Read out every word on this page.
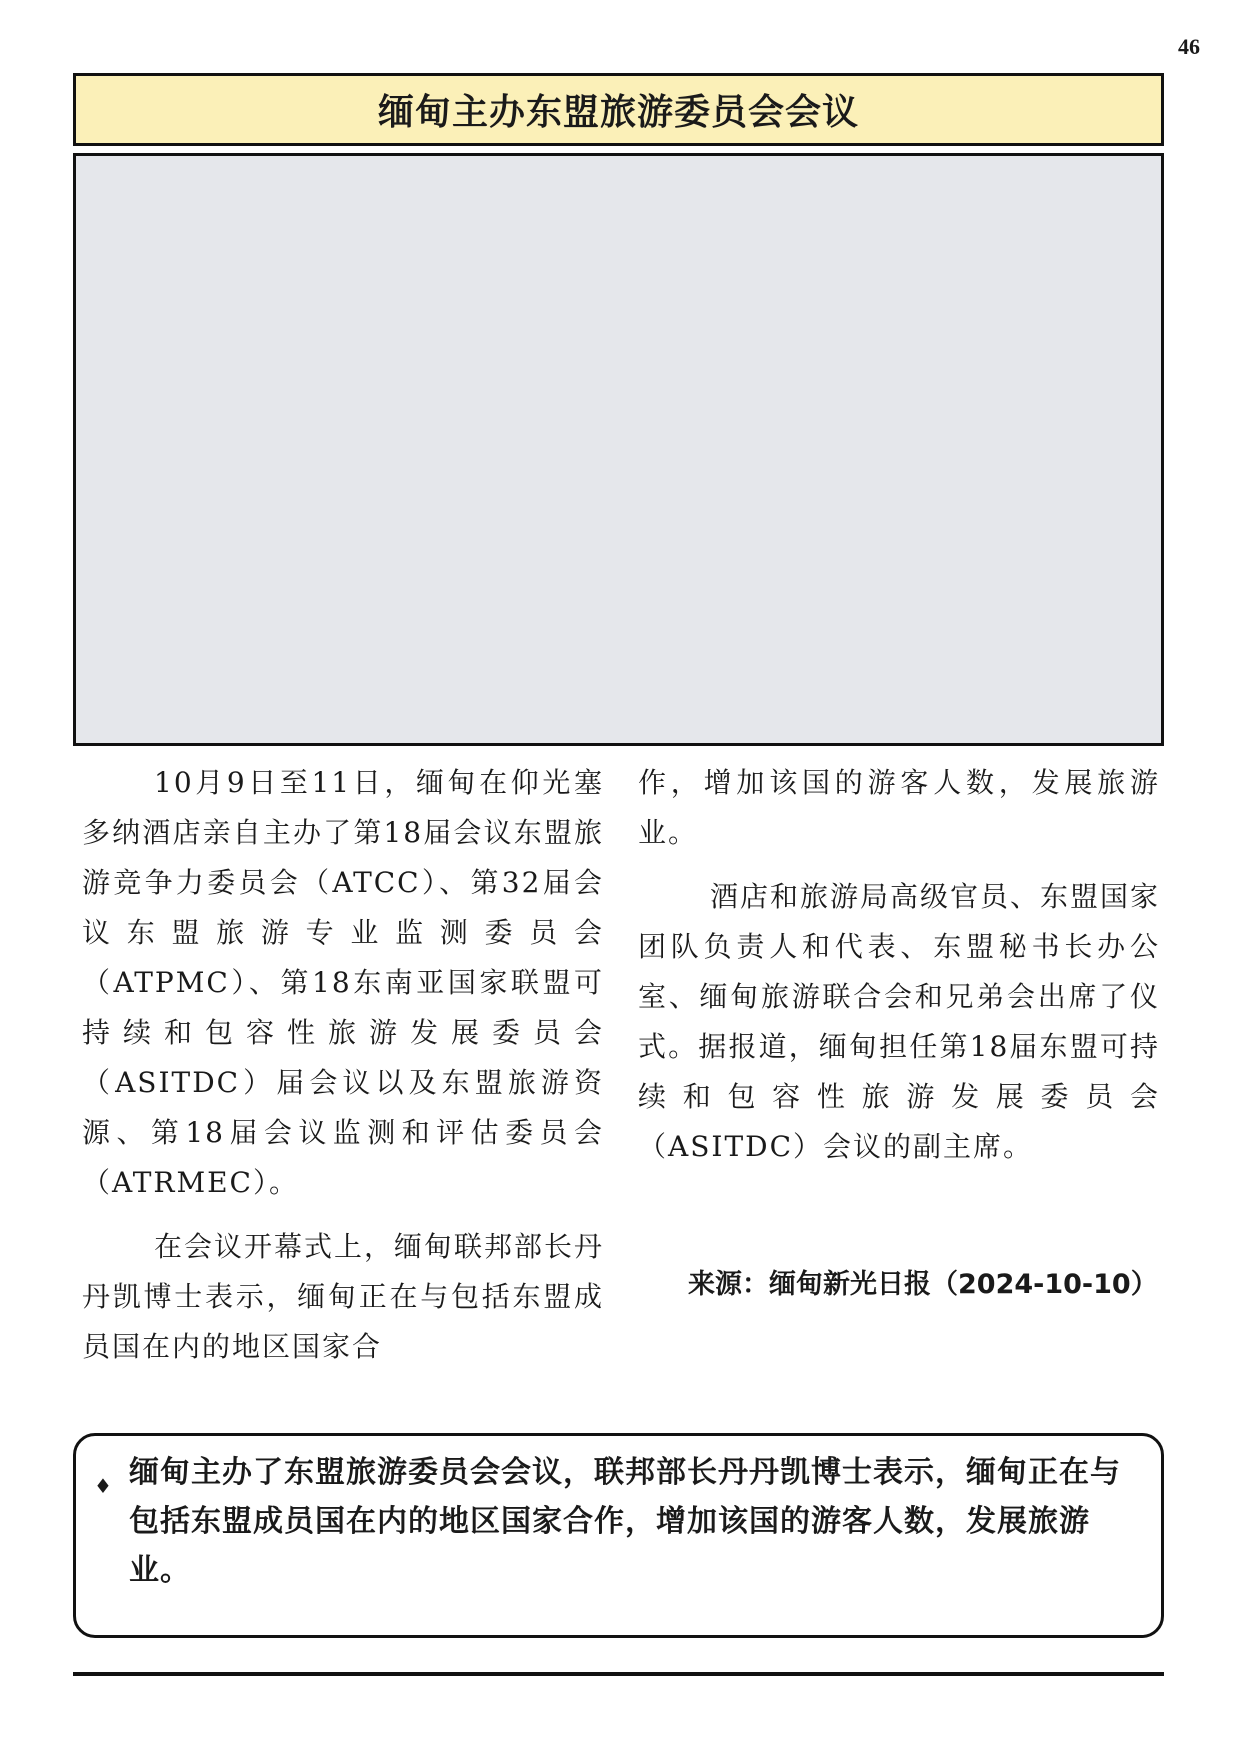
46
缅甸主办东盟旅游委员会会议

10月9日至11日，缅甸在仰光塞多纳酒店亲自主办了第18届会议东盟旅游竞争力委员会（ATCC）、第32届会议东盟旅游专业监测委员会（ATPMC）、第18东南亚国家联盟可持续和包容性旅游发展委员会（ASITDC）届会议以及东盟旅游资源、第18届会议监测和评估委员会（ATRMEC）。

在会议开幕式上，缅甸联邦部长丹丹凯博士表示，缅甸正在与包括东盟成员国在内的地区国家合

作，增加该国的游客人数，发展旅游业。

酒店和旅游局高级官员、东盟国家团队负责人和代表、东盟秘书长办公室、缅甸旅游联合会和兄弟会出席了仪式。据报道，缅甸担任第18届东盟可持续和包容性旅游发展委员会（ASITDC）会议的副主席。

来源：缅甸新光日报（2024-10-10）
♦ 缅甸主办了东盟旅游委员会会议，联邦部长丹丹凯博士表示，缅甸正在与包括东盟成员国在内的地区国家合作，增加该国的游客人数，发展旅游业。
